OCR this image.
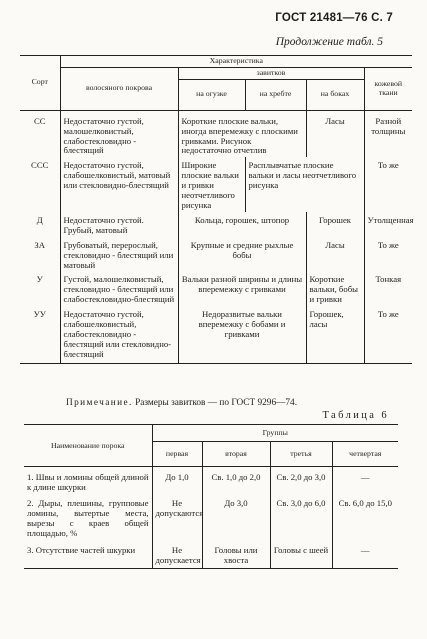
ГОСТ 21481—76 С. 7
Продолжение табл. 5
Сорт	Характеристика				
	волосяного покрова	завитков			кожевой ткани
		на огузке	на хребте	на боках	
СС	Недостаточно густой, малошелковистый, слабостекловидно - блестящий	Короткие плоские вальки, иногда вперемежку с плоскими гривками. Рисунок недостаточно отчетлив		Ласы	Разной толщины
ССС	Недостаточно густой, слабошелковистый, матовый или стекловидно-блестящий	Широкие плоские вальки и гривки неотчетливого рисунка	Расплывчатые плоские вальки и ласы неотчетливого рисунка		То же
Д	Недостаточно густой. Грубый, матовый	Кольца, горошек, штопор		Горошек	Утолщенная
ЗА	Грубоватый, перерослый, стекловидно - блестящий или матовый	Крупные и средние рыхлые бобы		Ласы	То же
У	Густой, малошелковистый, стекловидно - блестящий или слабостекловидно-блестящий	Вальки разной ширины и длины вперемежку с гривками		Короткие вальки, бобы и гривки	Тонкая
УУ	Недостаточно густой, слабошелковистый, слабостекловидно - блестящий или стекловидно-блестящий	Недоразвитые вальки вперемежку с бобами и гривками		Горошек, ласы	То же
Примечание. Размеры завитков — по ГОСТ 9296—74.
Таблица 6
Наименование порока	Группы			
	первая	вторая	третья	четвертая
1. Швы и ломины общей длиной к длине шкурки	До 1,0	Св. 1,0 до 2,0	Св. 2,0 до 3,0	—
2. Дыры, плешины, групповые ломины, вытертые места, вырезы с краев общей площадью, %	Не допускаются	До 3,0	Св. 3,0 до 6,0	Св. 6,0 до 15,0
3. Отсутствие частей шкурки	Не допускается	Головы или хвоста	Головы с шеей	—
